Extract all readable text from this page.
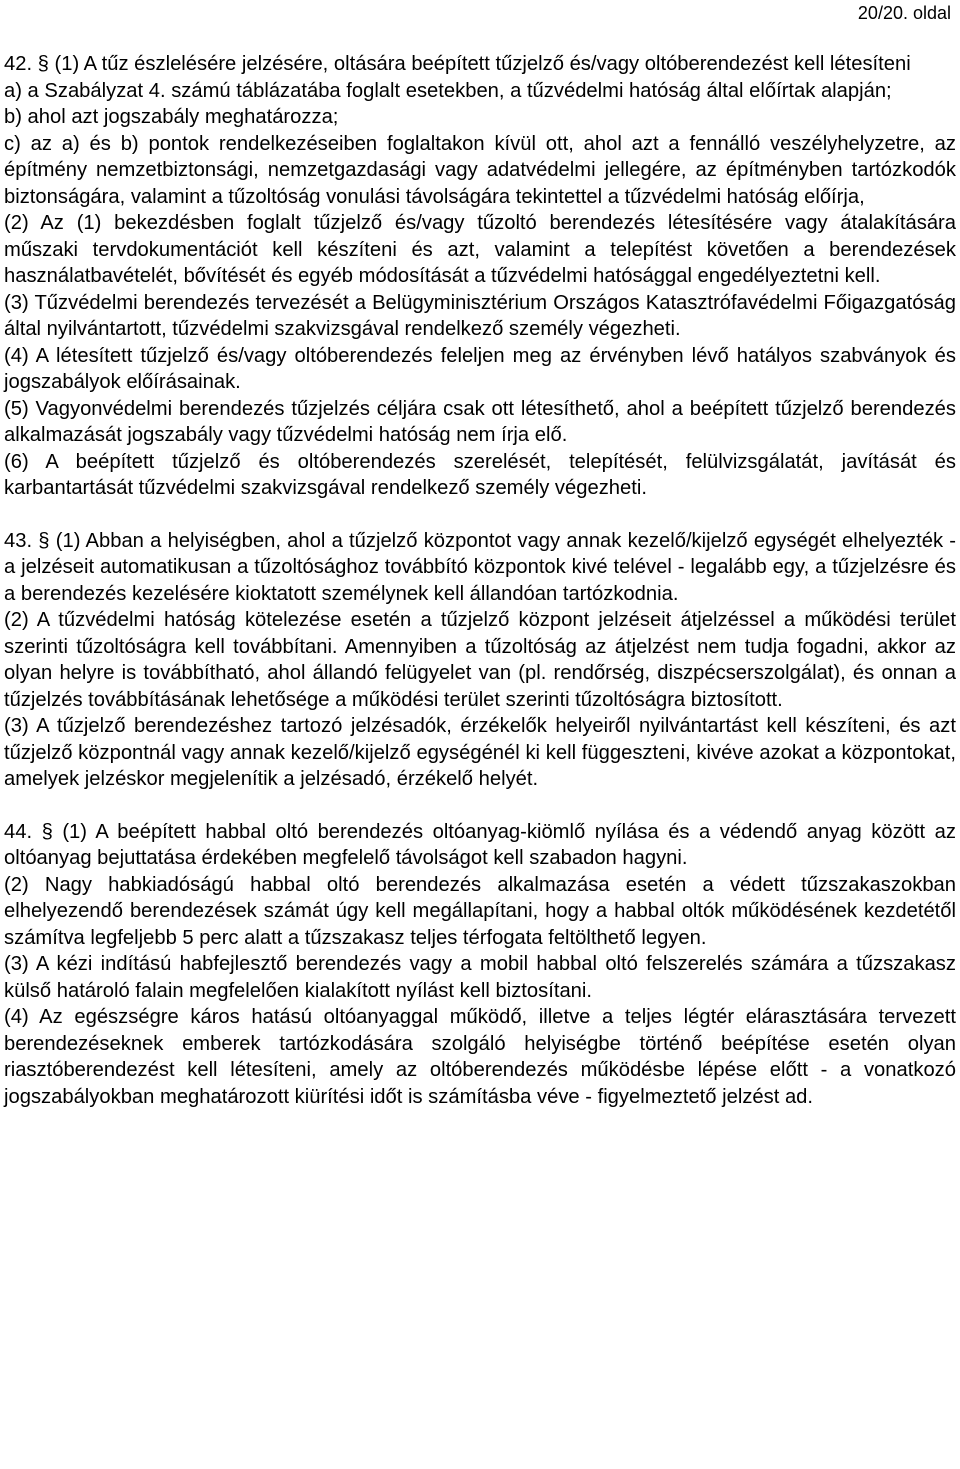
20/20. oldal

42. § (1) A tűz észlelésére jelzésére, oltására beépített tűzjelző és/vagy oltóberendezést kell létesíteni

a) a Szabályzat 4. számú táblázatába foglalt esetekben, a tűzvédelmi hatóság által előírtak alapján;

b) ahol azt jogszabály meghatározza;

c) az a) és b) pontok rendelkezéseiben foglaltakon kívül ott, ahol azt a fennálló veszélyhelyzetre, az építmény nemzetbiztonsági, nemzetgazdasági vagy adatvédelmi jellegére, az építményben tartózkodók biztonságára, valamint a tűzoltóság vonulási távolságára tekintettel a tűzvédelmi hatóság előírja,

(2) Az (1) bekezdésben foglalt tűzjelző és/vagy tűzoltó berendezés létesítésére vagy átalakítására műszaki tervdokumentációt kell készíteni és azt, valamint a telepítést követően a berendezések használatbavételét, bővítését és egyéb módosítását a tűzvédelmi hatósággal engedélyeztetni kell.

(3) Tűzvédelmi berendezés tervezését a Belügyminisztérium Országos Katasztrófavédelmi Főigazgatóság által nyilvántartott, tűzvédelmi szakvizsgával rendelkező személy végezheti.

(4) A létesített tűzjelző és/vagy oltóberendezés feleljen meg az érvényben lévő hatályos szabványok és jogszabályok előírásainak.

(5) Vagyonvédelmi berendezés tűzjelzés céljára csak ott létesíthető, ahol a beépített tűzjelző berendezés alkalmazását jogszabály vagy tűzvédelmi hatóság nem írja elő.

(6) A beépített tűzjelző és oltóberendezés szerelését, telepítését, felülvizsgálatát, javítását és karbantartását tűzvédelmi szakvizsgával rendelkező személy végezheti.

43. § (1) Abban a helyiségben, ahol a tűzjelző központot vagy annak kezelő/kijelző egységét elhelyezték - a jelzéseit automatikusan a tűzoltósághoz továbbító központok kivé telével - legalább egy, a tűzjelzésre és a berendezés kezelésére kioktatott személynek kell állandóan tartózkodnia.

(2) A tűzvédelmi hatóság kötelezése esetén a tűzjelző központ jelzéseit átjelzéssel a működési terület szerinti tűzoltóságra kell továbbítani. Amennyiben a tűzoltóság az átjelzést nem tudja fogadni, akkor az olyan helyre is továbbítható, ahol állandó felügyelet van (pl. rendőrség, diszpécserszolgálat), és onnan a tűzjelzés továbbításának lehetősége a működési terület szerinti tűzoltóságra biztosított.

(3) A tűzjelző berendezéshez tartozó jelzésadók, érzékelők helyeiről nyilvántartást kell készíteni, és azt tűzjelző központnál vagy annak kezelő/kijelző egységénél ki kell függeszteni, kivéve azokat a központokat, amelyek jelzéskor megjelenítik a jelzésadó, érzékelő helyét.

44. § (1) A beépített habbal oltó berendezés oltóanyag-kiömlő nyílása és a védendő anyag között az oltóanyag bejuttatása érdekében megfelelő távolságot kell szabadon hagyni.

(2) Nagy habkiadóságú habbal oltó berendezés alkalmazása esetén a védett tűzszakaszokban elhelyezendő berendezések számát úgy kell megállapítani, hogy a habbal oltók működésének kezdetétől számítva legfeljebb 5 perc alatt a tűzszakasz teljes térfogata feltölthető legyen.

(3) A kézi indítású habfejlesztő berendezés vagy a mobil habbal oltó felszerelés számára a tűzszakasz külső határoló falain megfelelően kialakított nyílást kell biztosítani.

(4) Az egészségre káros hatású oltóanyaggal működő, illetve a teljes légtér elárasztására tervezett berendezéseknek emberek tartózkodására szolgáló helyiségbe történő beépítése esetén olyan riasztóberendezést kell létesíteni, amely az oltóberendezés működésbe lépése előtt - a vonatkozó jogszabályokban meghatározott kiürítési időt is számításba véve - figyelmeztető jelzést ad.
